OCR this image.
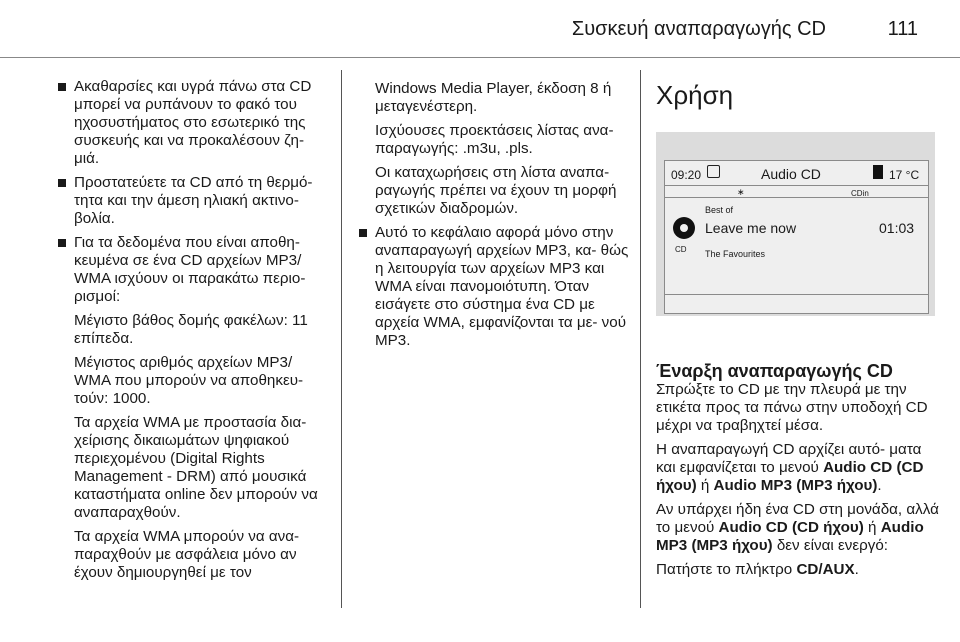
Συσκευή αναπαραγωγής CD	111
Ακαθαρσίες και υγρά πάνω στα CD μπορεί να ρυπάνουν το φακό του ηχοσυστήματος στο εσωτερικό της συσκευής και να προκαλέσουν ζη- μιά.
Προστατεύετε τα CD από τη θερμό- τητα και την άμεση ηλιακή ακτινο- βολία.
Για τα δεδομένα που είναι αποθη- κευμένα σε ένα CD αρχείων MP3/ WMA ισχύουν οι παρακάτω περιο- ρισμοί:
Μέγιστο βάθος δομής φακέλων: 11 επίπεδα.
Μέγιστος αριθμός αρχείων MP3/ WMA που μπορούν να αποθηκευ- τούν: 1000.
Τα αρχεία WMA με προστασία δια- χείρισης δικαιωμάτων ψηφιακού περιεχομένου (Digital Rights Management - DRM) από μουσικά καταστήματα online δεν μπορούν να αναπαραχθούν.
Τα αρχεία WMA μπορούν να ανα- παραχθούν με ασφάλεια μόνο αν έχουν δημιουργηθεί με τον
Windows Media Player, έκδοση 8 ή μεταγενέστερη.
Ισχύουσες προεκτάσεις λίστας ανα- παραγωγής: .m3u, .pls.
Οι καταχωρήσεις στη λίστα αναπα- ραγωγής πρέπει να έχουν τη μορφή σχετικών διαδρομών.
Αυτό το κεφάλαιο αφορά μόνο στην αναπαραγωγή αρχείων MP3, κα- θώς η λειτουργία των αρχείων MP3 και WMA είναι πανομοιότυπη. Όταν εισάγετε στο σύστημα ένα CD με αρχεία WMA, εμφανίζονται τα με- νού MP3.
Χρήση
09:20	Audio CD	17 °C
∗	CDin
Best of
CD
Leave me now	01:03
The Favourites
Έναρξη αναπαραγωγής CD
Σπρώξτε το CD με την πλευρά με την ετικέτα προς τα πάνω στην υποδοχή CD μέχρι να τραβηχτεί μέσα.
Η αναπαραγωγή CD αρχίζει αυτό- ματα και εμφανίζεται το μενού Audio CD (CD ήχου) ή Audio MP3 (MP3 ήχου).
Αν υπάρχει ήδη ένα CD στη μονάδα, αλλά το μενού Audio CD (CD ήχου) ή Audio MP3 (MP3 ήχου) δεν είναι ενεργό:
Πατήστε το πλήκτρο CD/AUX.
